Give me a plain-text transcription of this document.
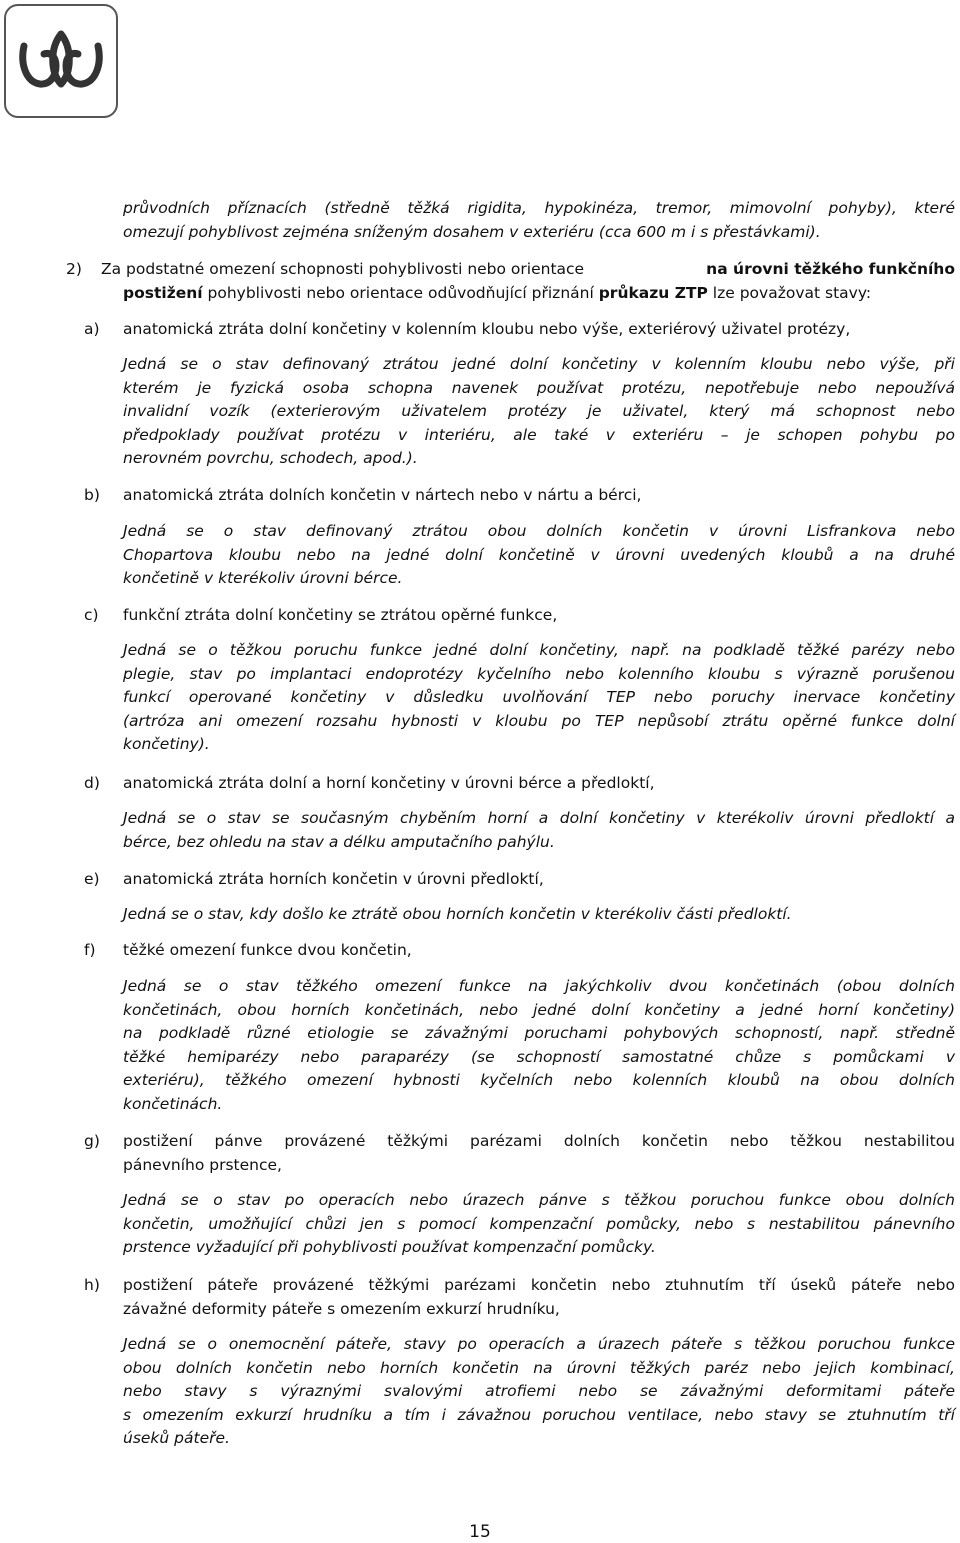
průvodních příznacích (středně těžká rigidita, hypokinéza, tremor, mimovolní pohyby), které
omezují pohyblivost zejména sníženým dosahem v exteriéru (cca 600 m i s přestávkami).
2) Za podstatné omezení schopnosti pohyblivosti nebo orientace	na úrovni těžkého funkčního
postižení pohyblivosti nebo orientace odůvodňující přiznání průkazu ZTP lze považovat stavy:
a) anatomická ztráta dolní končetiny v kolenním kloubu nebo výše, exteriérový uživatel protézy,
Jedná se o stav definovaný ztrátou jedné dolní končetiny v kolenním kloubu nebo výše, při
kterém je fyzická osoba schopna navenek používat protézu, nepotřebuje nebo nepoužívá
invalidní vozík (exterierovým uživatelem protézy je uživatel, který má schopnost nebo
předpoklady používat protézu v interiéru, ale také v exteriéru – je schopen pohybu po
nerovném povrchu, schodech, apod.).
b) anatomická ztráta dolních končetin v nártech nebo v nártu a bérci,
Jedná se o stav definovaný ztrátou obou dolních končetin v úrovni Lisfrankova nebo
Chopartova kloubu nebo na jedné dolní končetině v úrovni uvedených kloubů a na druhé
končetině v kterékoliv úrovni bérce.
c) funkční ztráta dolní končetiny se ztrátou opěrné funkce,
Jedná se o těžkou poruchu funkce jedné dolní končetiny, např. na podkladě těžké parézy nebo
plegie, stav po implantaci endoprotézy kyčelního nebo kolenního kloubu s výrazně porušenou
funkcí operované končetiny v důsledku uvolňování TEP nebo poruchy inervace končetiny
(artróza ani omezení rozsahu hybnosti v kloubu po TEP nepůsobí ztrátu opěrné funkce dolní
končetiny).
d) anatomická ztráta dolní a horní končetiny v úrovni bérce a předloktí,
Jedná se o stav se současným chyběním horní a dolní končetiny v kterékoliv úrovni předloktí a
bérce, bez ohledu na stav a délku amputačního pahýlu.
e) anatomická ztráta horních končetin v úrovni předloktí,
Jedná se o stav, kdy došlo ke ztrátě obou horních končetin v kterékoliv části předloktí.
f) těžké omezení funkce dvou končetin,
Jedná se o stav těžkého omezení funkce na jakýchkoliv dvou končetinách (obou dolních
končetinách, obou horních končetinách, nebo jedné dolní končetiny a jedné horní končetiny)
na podkladě různé etiologie se závažnými poruchami pohybových schopností, např. středně
těžké hemiparézy nebo paraparézy (se schopností samostatné chůze s pomůckami v
exteriéru), těžkého omezení hybnosti kyčelních nebo kolenních kloubů na obou dolních
končetinách.
g) postižení pánve provázené těžkými parézami dolních končetin nebo těžkou nestabilitou
pánevního prstence,
Jedná se o stav po operacích nebo úrazech pánve s těžkou poruchou funkce obou dolních
končetin, umožňující chůzi jen s pomocí kompenzační pomůcky, nebo s nestabilitou pánevního
prstence vyžadující při pohyblivosti používat kompenzační pomůcky.
h) postižení páteře provázené těžkými parézami končetin nebo ztuhnutím tří úseků páteře nebo
závažné deformity páteře s omezením exkurzí hrudníku,
Jedná se o onemocnění páteře, stavy po operacích a úrazech páteře s těžkou poruchou funkce
obou dolních končetin nebo horních končetin na úrovni těžkých paréz nebo jejich kombinací,
nebo stavy s výraznými svalovými atrofiemi nebo se závažnými deformitami páteře
s omezením exkurzí hrudníku a tím i závažnou poruchou ventilace, nebo stavy se ztuhnutím tří
úseků páteře.
15
